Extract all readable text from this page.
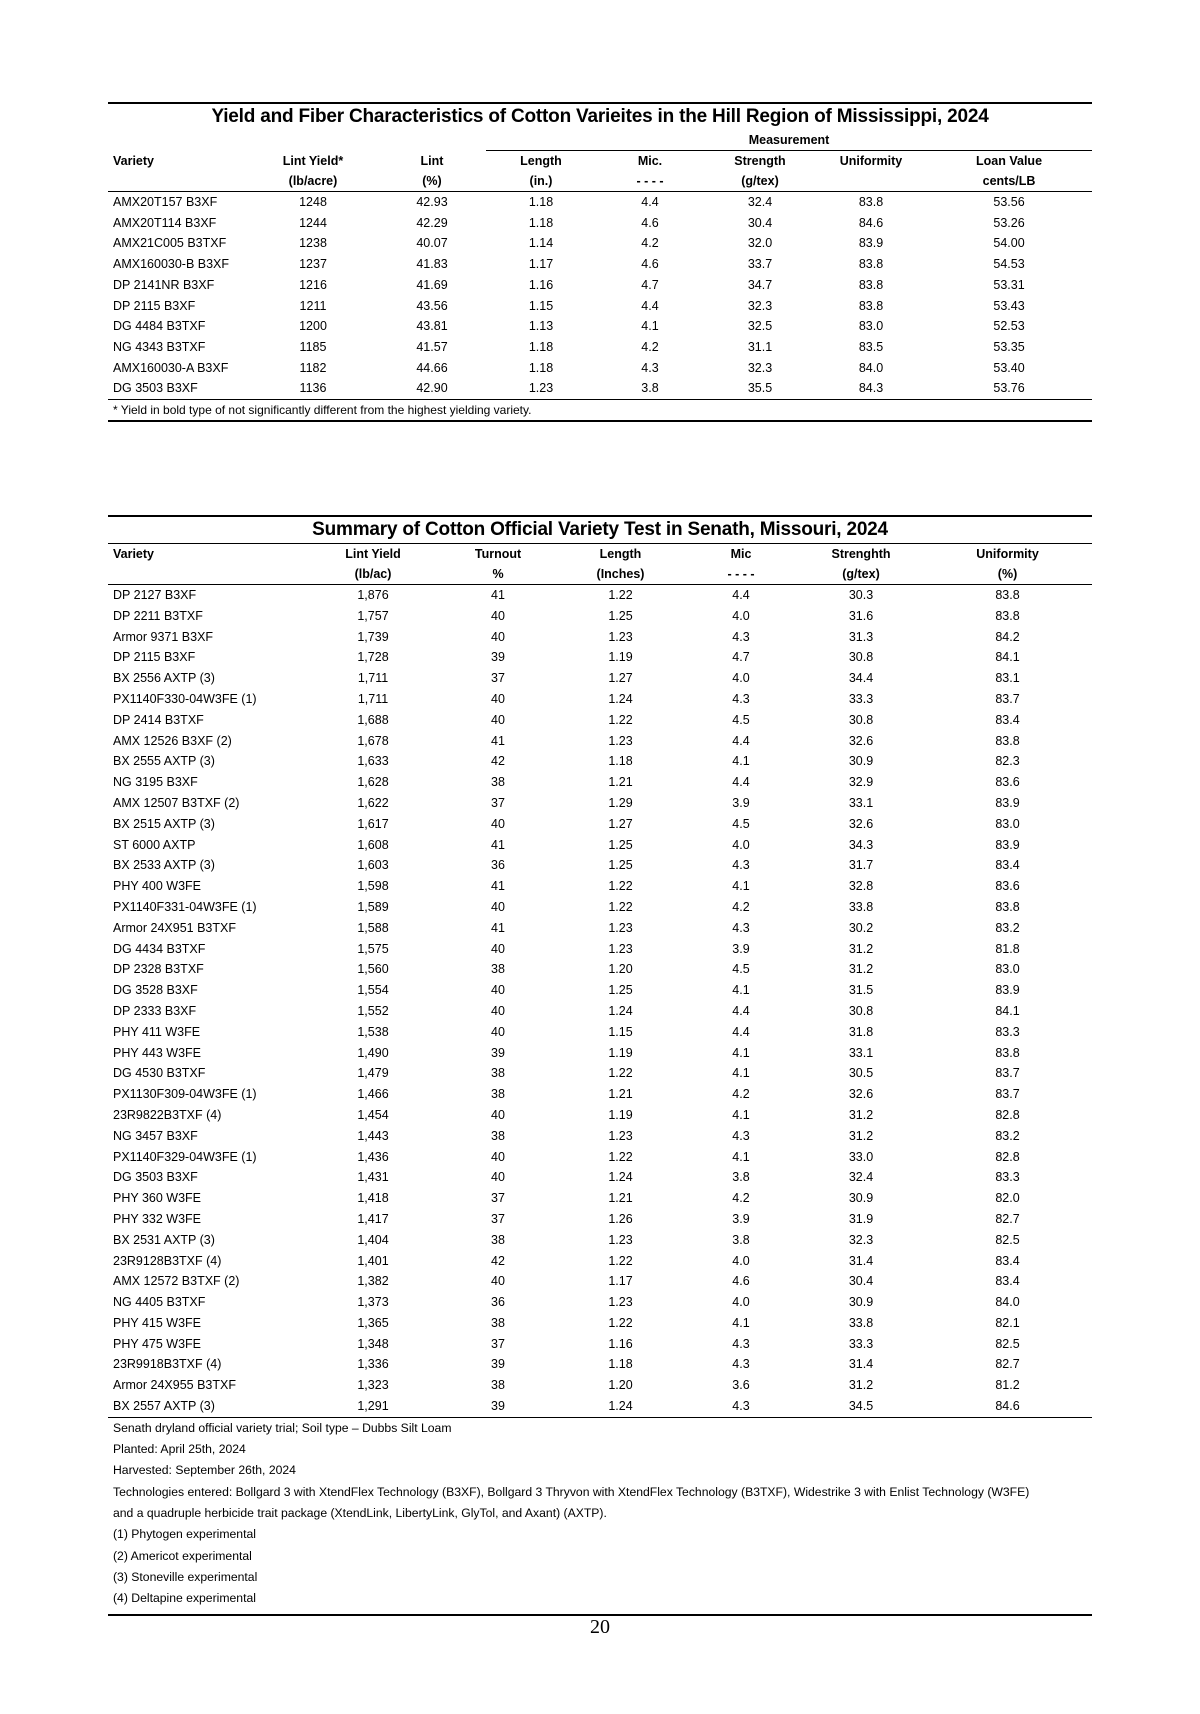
Yield and Fiber Characteristics of Cotton Varieites in the Hill Region of Mississippi, 2024							
			Measurement				
Variety	Lint Yield*	Lint	Length	Mic.	Strength	Uniformity	Loan Value
	(lb/acre)	(%)	(in.)	- - - -	(g/tex)		cents/LB
AMX20T157 B3XF	1248	42.93	1.18	4.4	32.4	83.8	53.56
AMX20T114 B3XF	1244	42.29	1.18	4.6	30.4	84.6	53.26
AMX21C005 B3TXF	1238	40.07	1.14	4.2	32.0	83.9	54.00
AMX160030-B B3XF	1237	41.83	1.17	4.6	33.7	83.8	54.53
DP 2141NR B3XF	1216	41.69	1.16	4.7	34.7	83.8	53.31
DP 2115 B3XF	1211	43.56	1.15	4.4	32.3	83.8	53.43
DG 4484 B3TXF	1200	43.81	1.13	4.1	32.5	83.0	52.53
NG 4343 B3TXF	1185	41.57	1.18	4.2	31.1	83.5	53.35
AMX160030-A B3XF	1182	44.66	1.18	4.3	32.3	84.0	53.40
DG 3503 B3XF	1136	42.90	1.23	3.8	35.5	84.3	53.76
* Yield in bold type of not significantly different from the highest yielding variety.							
Summary of Cotton Official Variety Test in Senath, Missouri, 2024						
Variety	Lint Yield	Turnout	Length	Mic	Strenghth	Uniformity
	(lb/ac)	%	(Inches)	- - - -	(g/tex)	(%)
DP 2127 B3XF	1,876	41	1.22	4.4	30.3	83.8
DP 2211 B3TXF	1,757	40	1.25	4.0	31.6	83.8
Armor 9371 B3XF	1,739	40	1.23	4.3	31.3	84.2
DP 2115 B3XF	1,728	39	1.19	4.7	30.8	84.1
BX 2556 AXTP (3)	1,711	37	1.27	4.0	34.4	83.1
PX1140F330-04W3FE (1)	1,711	40	1.24	4.3	33.3	83.7
DP 2414 B3TXF	1,688	40	1.22	4.5	30.8	83.4
AMX 12526 B3XF (2)	1,678	41	1.23	4.4	32.6	83.8
BX 2555 AXTP (3)	1,633	42	1.18	4.1	30.9	82.3
NG 3195 B3XF	1,628	38	1.21	4.4	32.9	83.6
AMX 12507 B3TXF (2)	1,622	37	1.29	3.9	33.1	83.9
BX 2515 AXTP (3)	1,617	40	1.27	4.5	32.6	83.0
ST 6000 AXTP	1,608	41	1.25	4.0	34.3	83.9
BX 2533 AXTP (3)	1,603	36	1.25	4.3	31.7	83.4
PHY 400 W3FE	1,598	41	1.22	4.1	32.8	83.6
PX1140F331-04W3FE (1)	1,589	40	1.22	4.2	33.8	83.8
Armor 24X951 B3TXF	1,588	41	1.23	4.3	30.2	83.2
DG 4434 B3TXF	1,575	40	1.23	3.9	31.2	81.8
DP 2328 B3TXF	1,560	38	1.20	4.5	31.2	83.0
DG 3528 B3XF	1,554	40	1.25	4.1	31.5	83.9
DP 2333 B3XF	1,552	40	1.24	4.4	30.8	84.1
PHY 411 W3FE	1,538	40	1.15	4.4	31.8	83.3
PHY 443 W3FE	1,490	39	1.19	4.1	33.1	83.8
DG 4530 B3TXF	1,479	38	1.22	4.1	30.5	83.7
PX1130F309-04W3FE (1)	1,466	38	1.21	4.2	32.6	83.7
23R9822B3TXF (4)	1,454	40	1.19	4.1	31.2	82.8
NG 3457 B3XF	1,443	38	1.23	4.3	31.2	83.2
PX1140F329-04W3FE (1)	1,436	40	1.22	4.1	33.0	82.8
DG 3503 B3XF	1,431	40	1.24	3.8	32.4	83.3
PHY 360 W3FE	1,418	37	1.21	4.2	30.9	82.0
PHY 332 W3FE	1,417	37	1.26	3.9	31.9	82.7
BX 2531 AXTP (3)	1,404	38	1.23	3.8	32.3	82.5
23R9128B3TXF (4)	1,401	42	1.22	4.0	31.4	83.4
AMX 12572 B3TXF (2)	1,382	40	1.17	4.6	30.4	83.4
NG 4405 B3TXF	1,373	36	1.23	4.0	30.9	84.0
PHY 415 W3FE	1,365	38	1.22	4.1	33.8	82.1
PHY 475 W3FE	1,348	37	1.16	4.3	33.3	82.5
23R9918B3TXF (4)	1,336	39	1.18	4.3	31.4	82.7
Armor 24X955 B3TXF	1,323	38	1.20	3.6	31.2	81.2
BX 2557 AXTP (3)	1,291	39	1.24	4.3	34.5	84.6
Senath dryland official variety trial; Soil type – Dubbs Silt Loam
Planted: April 25th, 2024
Harvested: September 26th, 2024
Technologies entered: Bollgard 3 with XtendFlex Technology (B3XF), Bollgard 3 Thryvon with XtendFlex Technology (B3TXF), Widestrike 3 with Enlist Technology (W3FE)
and a quadruple herbicide trait package (XtendLink, LibertyLink, GlyTol, and Axant) (AXTP).
(1) Phytogen experimental
(2) Americot experimental
(3) Stoneville experimental
(4) Deltapine experimental
20
